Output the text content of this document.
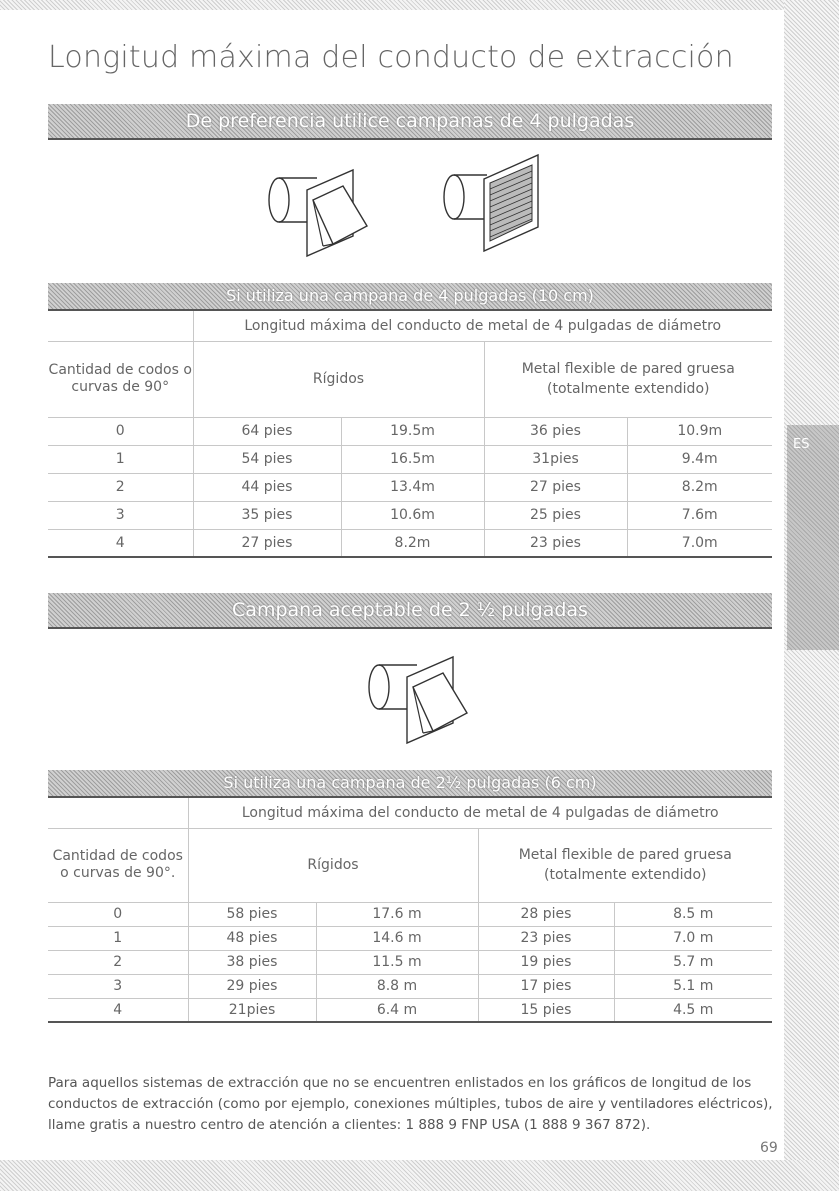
ES
Longitud máxima del conducto de extracción
De preferencia utilice campanas de 4 pulgadas
Si utiliza una campana de 4 pulgadas (10 cm)
	Longitud máxima del conducto de metal de 4 pulgadas de diámetro			
Cantidad de codos o curvas de 90°	Rígidos		Metal flexible de pared gruesa (totalmente extendido)	
0	64 pies	19.5m	36 pies	10.9m
1	54 pies	16.5m	31pies	9.4m
2	44 pies	13.4m	27 pies	8.2m
3	35 pies	10.6m	25 pies	7.6m
4	27 pies	8.2m	23 pies	7.0m
Campana aceptable de 2 ½ pulgadas
Si utiliza una campana de 2½ pulgadas (6 cm)
	Longitud máxima del conducto de metal de 4 pulgadas de diámetro			
Cantidad de codos o curvas de 90°.	Rígidos		Metal flexible de pared gruesa (totalmente extendido)	
0	58 pies	17.6 m	28 pies	8.5 m
1	48 pies	14.6 m	23 pies	7.0 m
2	38 pies	11.5 m	19 pies	5.7 m
3	29 pies	8.8 m	17 pies	5.1 m
4	21pies	6.4 m	15 pies	4.5 m
Para aquellos sistemas de extracción que no se encuentren enlistados en los gráficos de longitud de los conductos de extracción (como por ejemplo, conexiones múltiples, tubos de aire y ventiladores eléctricos), llame gratis a nuestro centro de atención a clientes: 1 888 9 FNP USA (1 888 9 367 872).
69
